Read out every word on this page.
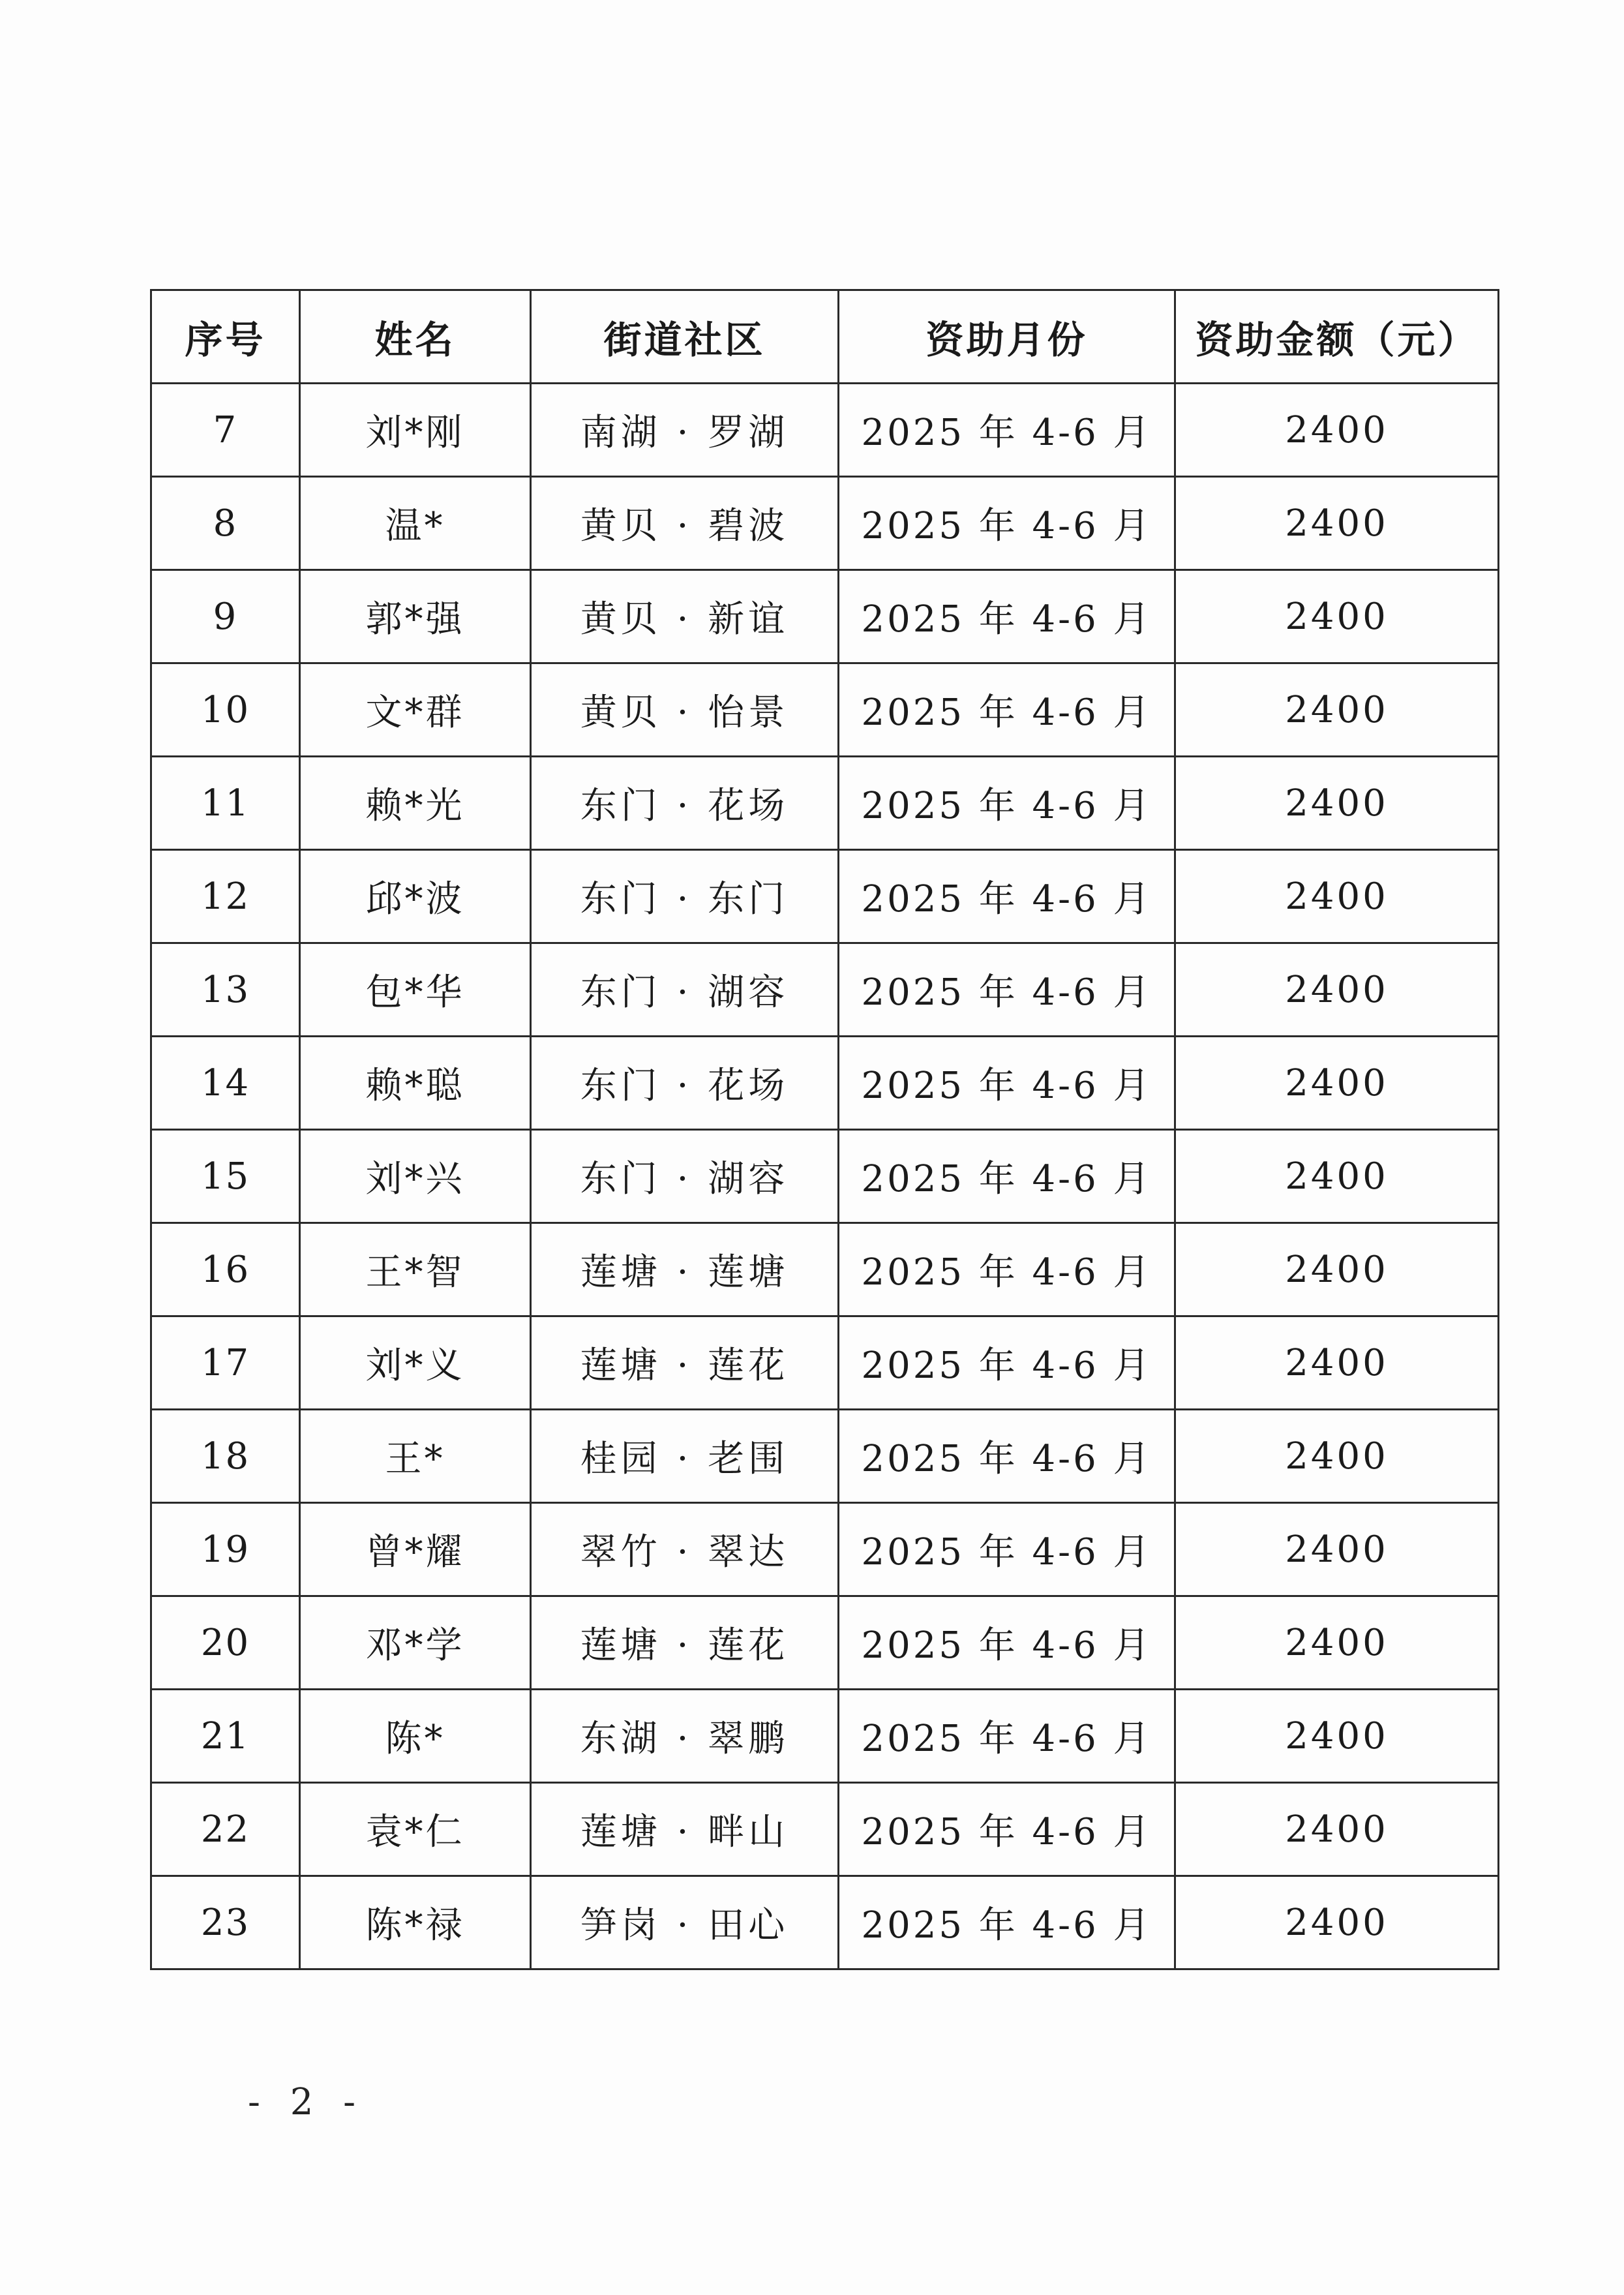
序号	姓名	街道社区	资助月份	资助金额（元）
7	刘*刚	南湖 · 罗湖	2025 年 4-6 月	2400
8	温*	黄贝 · 碧波	2025 年 4-6 月	2400
9	郭*强	黄贝 · 新谊	2025 年 4-6 月	2400
10	文*群	黄贝 · 怡景	2025 年 4-6 月	2400
11	赖*光	东门 · 花场	2025 年 4-6 月	2400
12	邱*波	东门 · 东门	2025 年 4-6 月	2400
13	包*华	东门 · 湖容	2025 年 4-6 月	2400
14	赖*聪	东门 · 花场	2025 年 4-6 月	2400
15	刘*兴	东门 · 湖容	2025 年 4-6 月	2400
16	王*智	莲塘 · 莲塘	2025 年 4-6 月	2400
17	刘*义	莲塘 · 莲花	2025 年 4-6 月	2400
18	王*	桂园 · 老围	2025 年 4-6 月	2400
19	曾*耀	翠竹 · 翠达	2025 年 4-6 月	2400
20	邓*学	莲塘 · 莲花	2025 年 4-6 月	2400
21	陈*	东湖 · 翠鹏	2025 年 4-6 月	2400
22	袁*仁	莲塘 · 畔山	2025 年 4-6 月	2400
23	陈*禄	笋岗 · 田心	2025 年 4-6 月	2400
- 2 -
